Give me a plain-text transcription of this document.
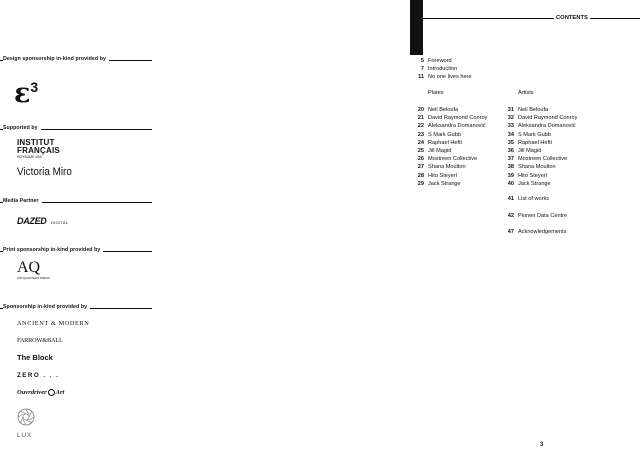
Design sponsorship in-kind provided by
$\varepsilon^3$
Supported by
INSTITUT
FRANÇAIS
ROYAUME-UNI
Victoria Miro
Media Partner
DAZED DIGITAL
Print sponsorship in-kind provided by
AQ
ARTQUARTERS PRESS
Sponsorship in-kind provided by
ANCIENT & MODERN
FARROW&BALL
The Block
ZERO . . .
Ouvrdriver Art
LUX
CONTENTS
5 Foreword
7 Introduction
11 No one lives here
Plates	Artists
20 Neil Beloufa
21 David Raymond Conroy
22 Aleksandra Domanović
23 S Mark Gubb
24 Raphael Hefti
25 Jill Magid
26 Mostreen Collective
27 Shana Moulton
28 Hito Steyerl
29 Jack Strange
31 Neil Beloufa
32 David Raymond Conroy
33 Aleksandra Domanović
34 S Mark Gubb
35 Raphael Hefti
36 Jill Magid
37 Mostreen Collective
38 Shana Moulton
39 Hito Steyerl
40 Jack Strange
41 List of works
42 Pionen Data Centre
47 Acknowledgements
3
